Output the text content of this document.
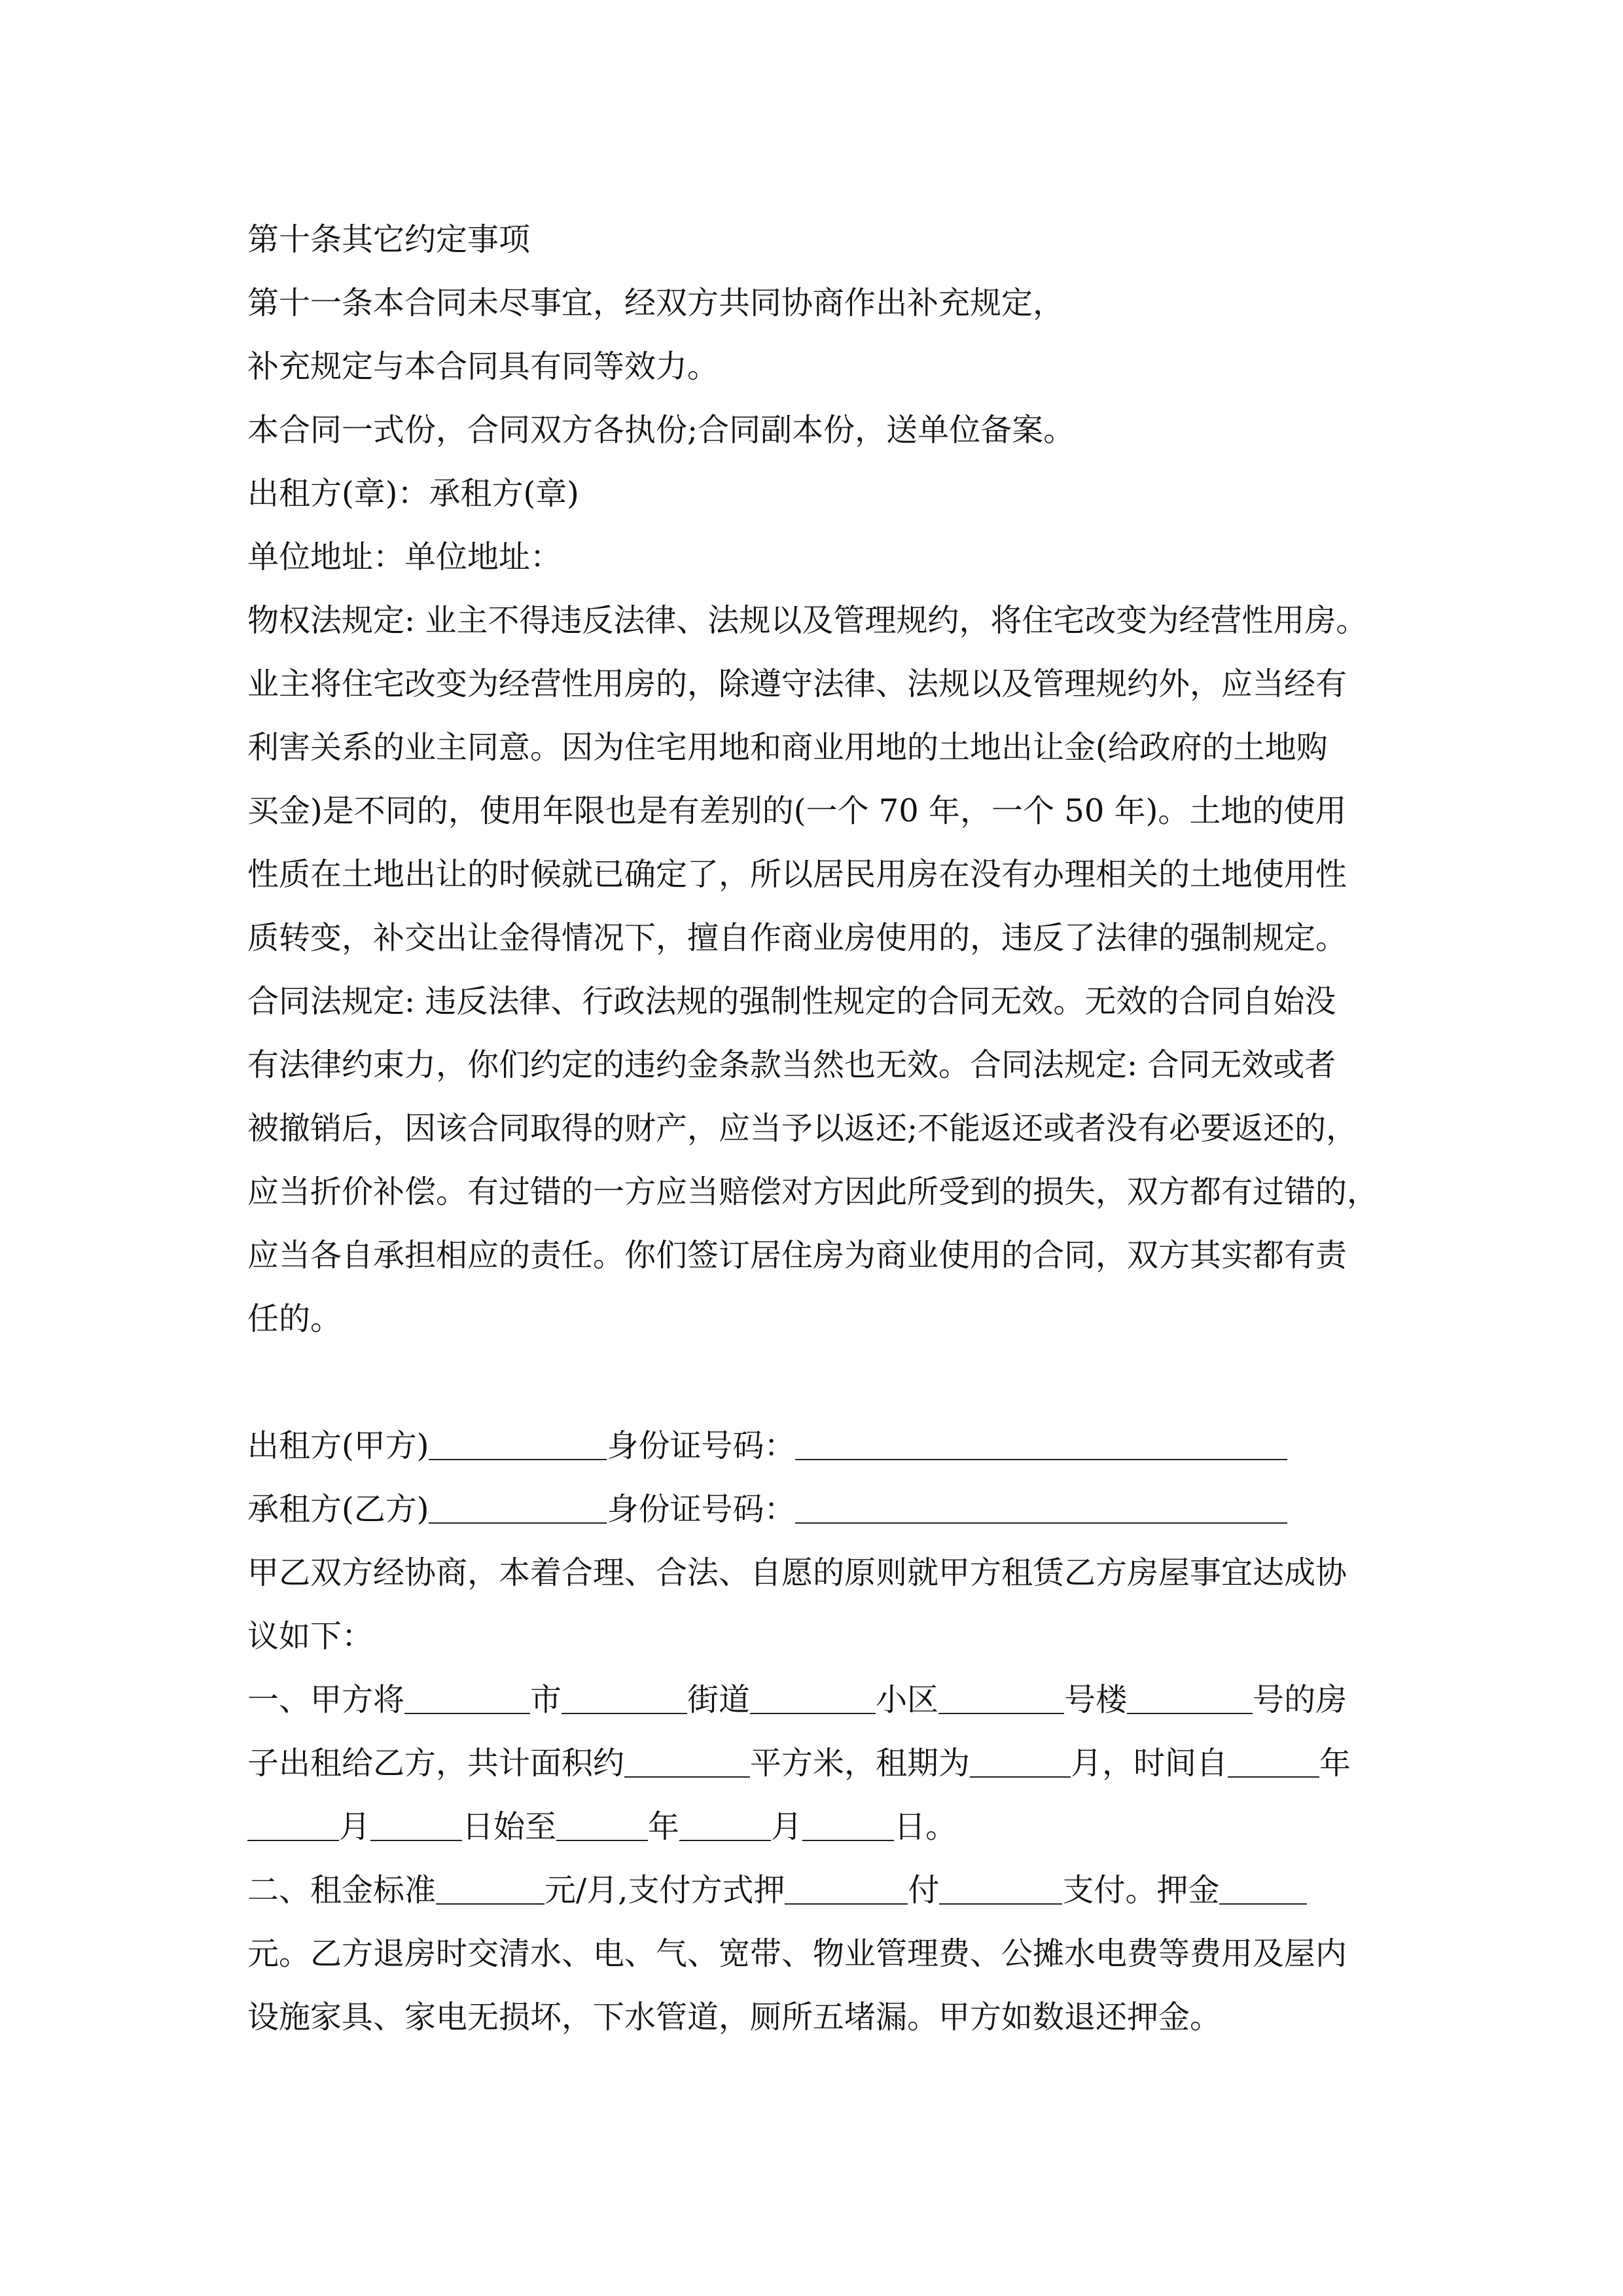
第十条其它约定事项
第十一条本合同未尽事宜，经双方共同协商作出补充规定，
补充规定与本合同具有同等效力。
本合同一式份，合同双方各执份;合同副本份，送单位备案。
出租方(章)：承租方(章)
单位地址：单位地址：
物权法规定: 业主不得违反法律、法规以及管理规约，将住宅改变为经营性用房。
业主将住宅改变为经营性用房的，除遵守法律、法规以及管理规约外，应当经有
利害关系的业主同意。因为住宅用地和商业用地的土地出让金(给政府的土地购
买金)是不同的，使用年限也是有差别的(一个 70 年，一个 50 年)。土地的使用
性质在土地出让的时候就已确定了，所以居民用房在没有办理相关的土地使用性
质转变，补交出让金得情况下，擅自作商业房使用的，违反了法律的强制规定。
合同法规定: 违反法律、行政法规的强制性规定的合同无效。无效的合同自始没
有法律约束力，你们约定的违约金条款当然也无效。合同法规定: 合同无效或者
被撤销后，因该合同取得的财产，应当予以返还;不能返还或者没有必要返还的，
应当折价补偿。有过错的一方应当赔偿对方因此所受到的损失，双方都有过错的，
应当各自承担相应的责任。你们签订居住房为商业使用的合同，双方其实都有责
任的。
出租方(甲方)	身份证号码：
承租方(乙方)	身份证号码：
甲乙双方经协商，本着合理、合法、自愿的原则就甲方租赁乙方房屋事宜达成协
议如下：
一、甲方将	市	街道	小区	号楼	号的房
子出租给乙方，共计面积约	平方米，租期为	月，时间自	年
月	日始至	年	月	日。
二、租金标准	元/月,支付方式押	付	支付。押金
元。乙方退房时交清水、电、气、宽带、物业管理费、公摊水电费等费用及屋内
设施家具、家电无损坏，下水管道，厕所五堵漏。甲方如数退还押金。
